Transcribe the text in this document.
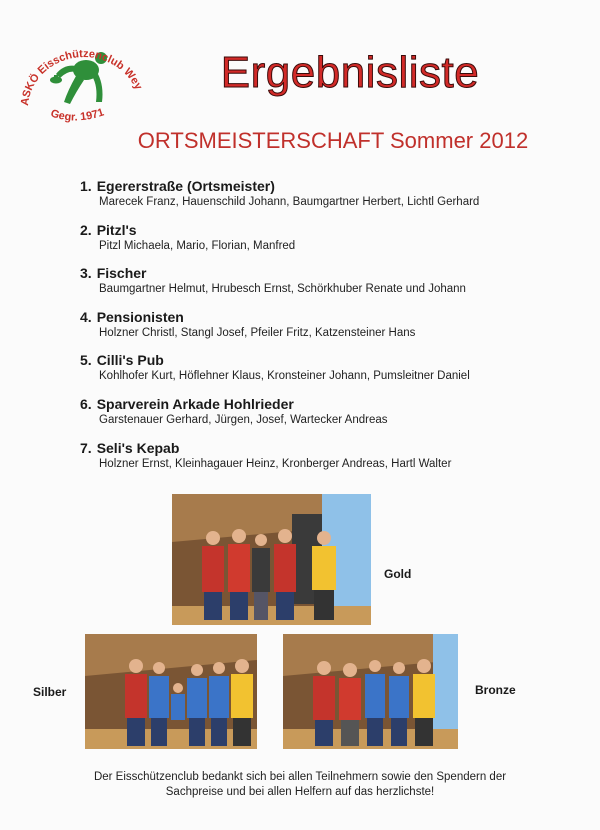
ASKÖ Eisschützenclub Wey
Gegr. 1971
Ergebnisliste
ORTSMEISTERSCHAFT Sommer 2012
1. Egererstraße (Ortsmeister)
Marecek Franz, Hauenschild Johann, Baumgartner Herbert, Lichtl Gerhard
2. Pitzl's
Pitzl Michaela, Mario, Florian, Manfred
3. Fischer
Baumgartner Helmut, Hrubesch Ernst, Schörkhuber Renate und Johann
4. Pensionisten
Holzner Christl, Stangl Josef, Pfeiler Fritz, Katzensteiner Hans
5. Cilli's Pub
Kohlhofer Kurt, Höflehner Klaus, Kronsteiner Johann, Pumsleitner Daniel
6. Sparverein Arkade Hohlrieder
Garstenauer Gerhard, Jürgen, Josef, Wartecker Andreas
7. Seli's Kepab
Holzner Ernst, Kleinhagauer Heinz, Kronberger Andreas, Hartl Walter
Gold
Silber	Bronze
Der Eisschützenclub bedankt sich bei allen Teilnehmern sowie den Spendern der
Sachpreise und bei allen Helfern auf das herzlichste!
